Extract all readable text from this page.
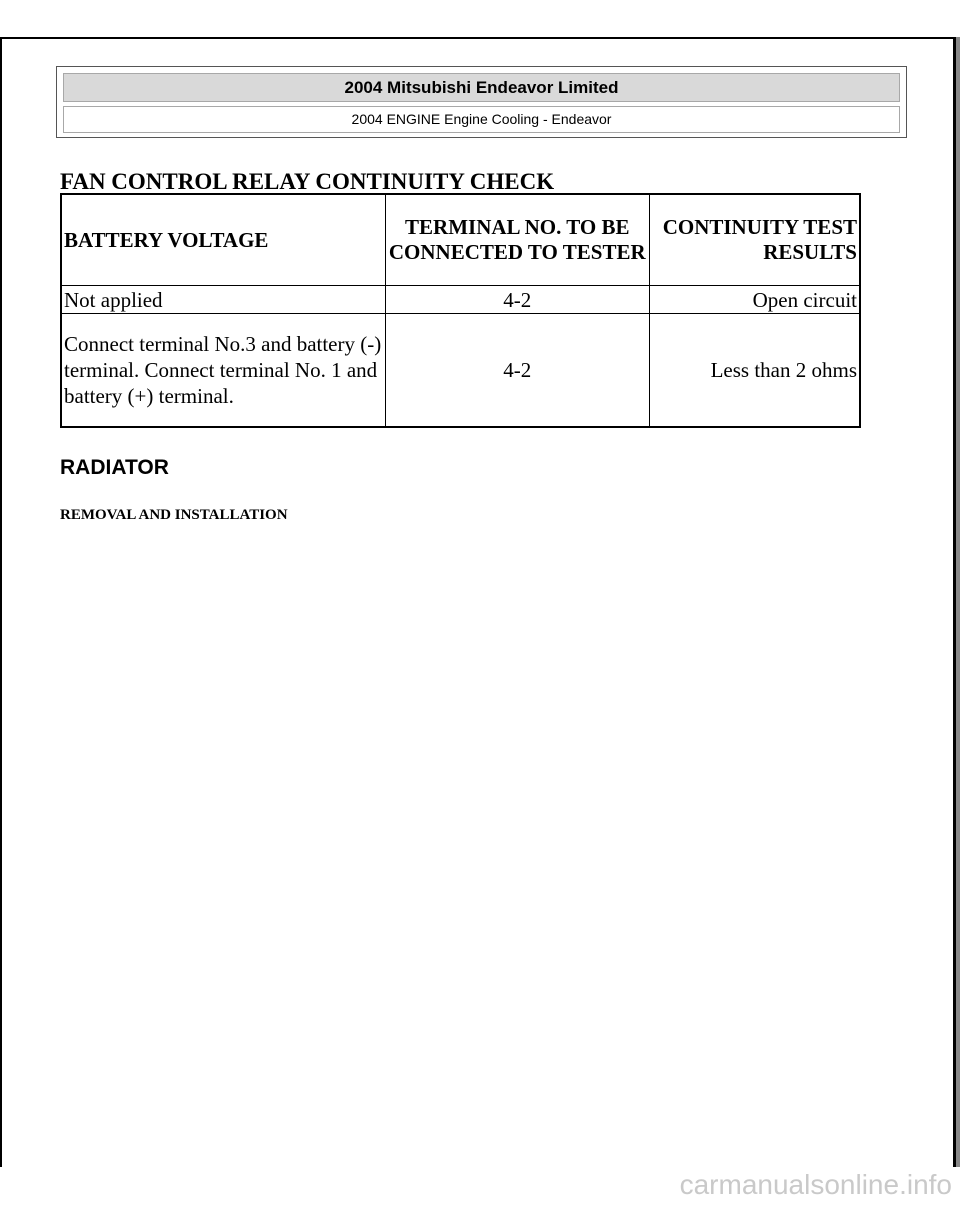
2004 Mitsubishi Endeavor Limited
2004 ENGINE Engine Cooling - Endeavor
FAN CONTROL RELAY CONTINUITY CHECK
BATTERY VOLTAGE	TERMINAL NO. TO BE CONNECTED TO TESTER	CONTINUITY TEST RESULTS
Not applied	4-2	Open circuit
Connect terminal No.3 and battery (-) terminal. Connect terminal No. 1 and battery (+) terminal.	4-2	Less than 2 ohms
RADIATOR
REMOVAL AND INSTALLATION
carmanualsonline.info
